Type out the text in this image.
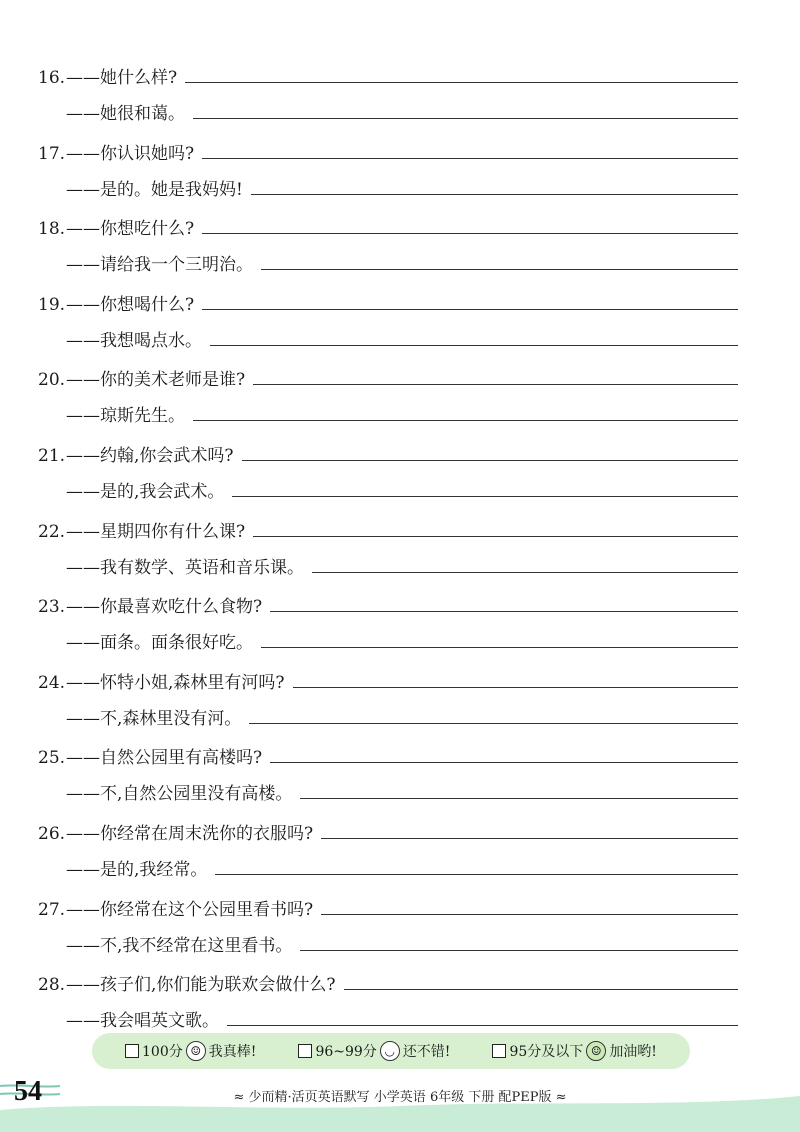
16. ——她什么样?
——她很和蔼。
17. ——你认识她吗?
——是的。她是我妈妈!
18. ——你想吃什么?
——请给我一个三明治。
19. ——你想喝什么?
——我想喝点水。
20. ——你的美术老师是谁?
——琼斯先生。
21. ——约翰,你会武术吗?
——是的,我会武术。
22. ——星期四你有什么课?
——我有数学、英语和音乐课。
23. ——你最喜欢吃什么食物?
——面条。面条很好吃。
24. ——怀特小姐,森林里有河吗?
——不,森林里没有河。
25. ——自然公园里有高楼吗?
——不,自然公园里没有高楼。
26. ——你经常在周末洗你的衣服吗?
——是的,我经常。
27. ——你经常在这个公园里看书吗?
——不,我不经常在这里看书。
28. ——孩子们,你们能为联欢会做什么?
——我会唱英文歌。
100分 ☺ 我真棒!	96~99分 ◡ 还不错!	95分及以下 ☺ 加油哟!
54	≈ 少而精·活页英语默写 小学英语 6年级 下册 配PEP版 ≈
